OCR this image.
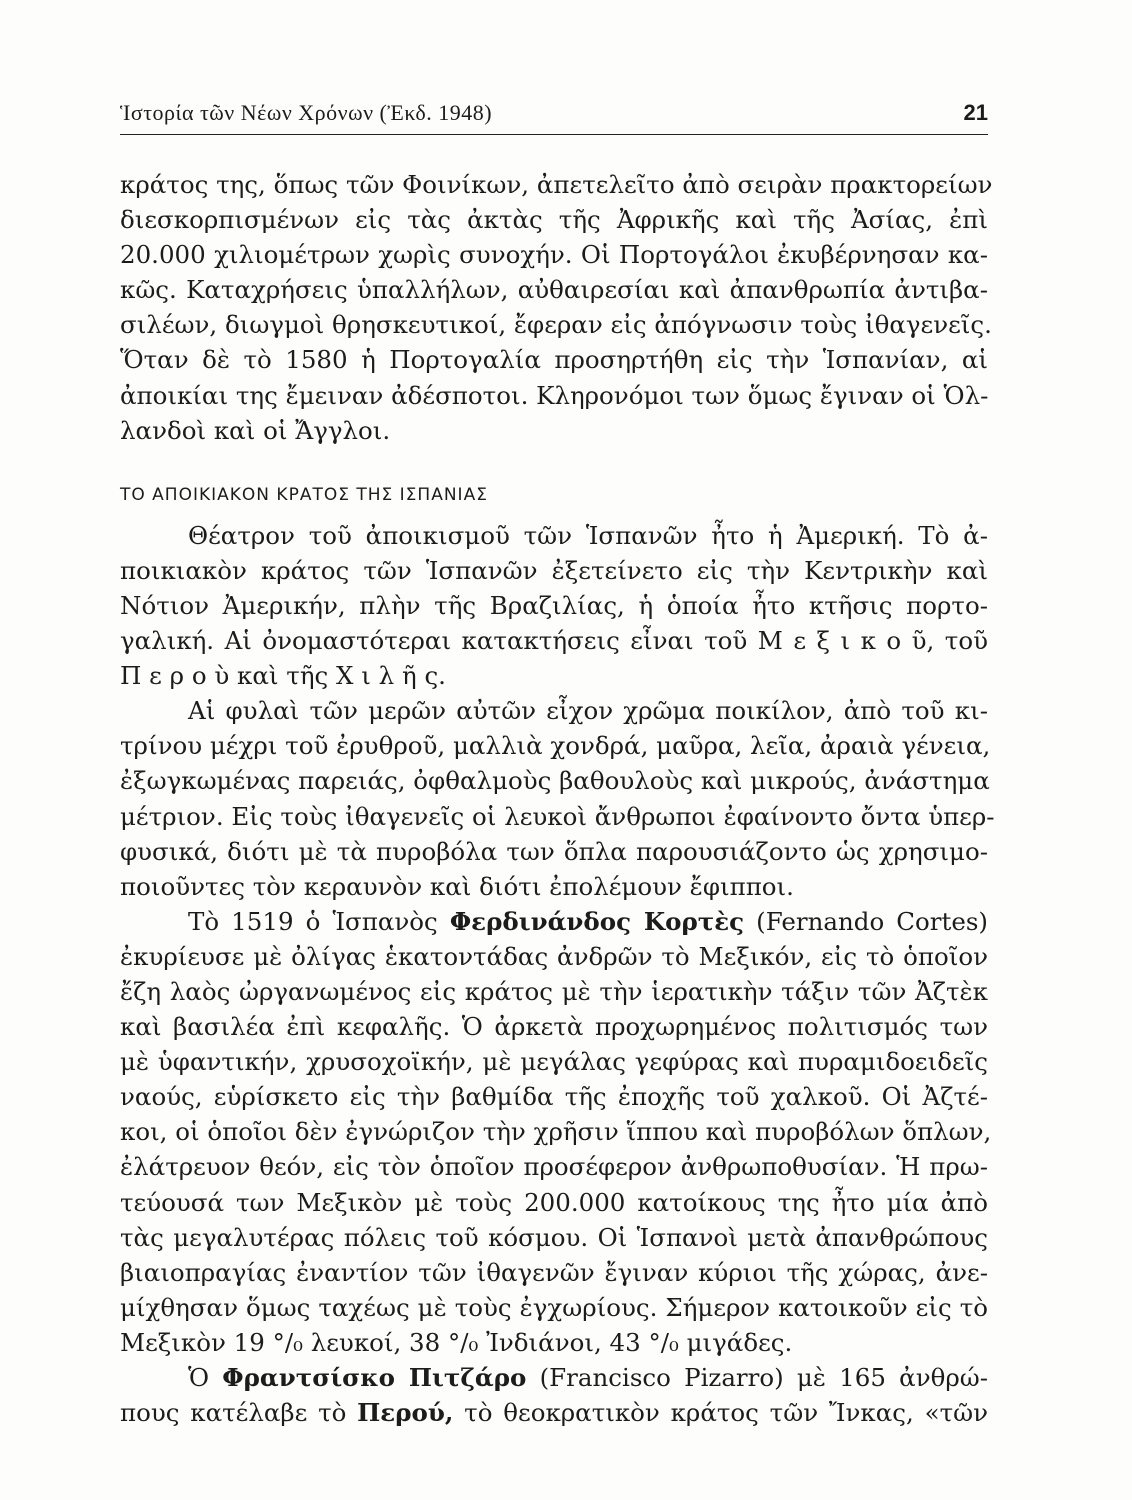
Ἱστορία τῶν Νέων Χρόνων (Ἐκδ. 1948)	21
κράτος της, ὅπως τῶν Φοινίκων, ἀπετελεῖτο ἀπὸ σειρὰν πρακτορείων
διεσκορπισμένων εἰς τὰς ἀκτὰς τῆς Ἀφρικῆς καὶ τῆς Ἀσίας, ἐπὶ
20.000 χιλιομέτρων χωρὶς συνοχήν. Οἱ Πορτογάλοι ἐκυβέρνησαν κα-
κῶς. Καταχρήσεις ὑπαλλήλων, αὐθαιρεσίαι καὶ ἀπανθρωπία ἀντιβα-
σιλέων, διωγμοὶ θρησκευτικοί, ἔφεραν εἰς ἀπόγνωσιν τοὺς ἰθαγενεῖς.
Ὅταν δὲ τὸ 1580 ἡ Πορτογαλία προσηρτήθη εἰς τὴν Ἱσπανίαν, αἱ
ἀποικίαι της ἔμειναν ἀδέσποτοι. Κληρονόμοι των ὅμως ἔγιναν οἱ Ὁλ-
λανδοὶ καὶ οἱ Ἄγγλοι.
ΤΟ ΑΠΟΙΚΙΑΚΟΝ ΚΡΑΤΟΣ ΤΗΣ ΙΣΠΑΝΙΑΣ
Θέατρον τοῦ ἀποικισμοῦ τῶν Ἱσπανῶν ἦτο ἡ Ἀμερική. Τὸ ἀ-
ποικιακὸν κράτος τῶν Ἱσπανῶν ἐξετείνετο εἰς τὴν Κεντρικὴν καὶ
Νότιον Ἀμερικήν, πλὴν τῆς Βραζιλίας, ἡ ὁποία ἦτο κτῆσις πορτο-
γαλική. Αἱ ὀνομαστότεραι κατακτήσεις εἶναι τοῦ Μ ε ξ ι κ ο ῦ, τοῦ
Π ε ρ ο ὺ καὶ τῆς Χ ι λ ῆ ς.
Αἱ φυλαὶ τῶν μερῶν αὐτῶν εἶχον χρῶμα ποικίλον, ἀπὸ τοῦ κι-
τρίνου μέχρι τοῦ ἐρυθροῦ, μαλλιὰ χονδρά, μαῦρα, λεῖα, ἀραιὰ γένεια,
ἐξωγκωμένας παρειάς, ὀφθαλμοὺς βαθουλοὺς καὶ μικρούς, ἀνάστημα
μέτριον. Εἰς τοὺς ἰθαγενεῖς οἱ λευκοὶ ἄνθρωποι ἐφαίνοντο ὄντα ὑπερ-
φυσικά, διότι μὲ τὰ πυροβόλα των ὅπλα παρουσιάζοντο ὡς χρησιμο-
ποιοῦντες τὸν κεραυνὸν καὶ διότι ἐπολέμουν ἔφιπποι.
Τὸ 1519 ὁ Ἱσπανὸς Φερδινάνδος Κορτὲς (Fernando Cortes)
ἐκυρίευσε μὲ ὀλίγας ἑκατοντάδας ἀνδρῶν τὸ Μεξικόν, εἰς τὸ ὁποῖον
ἔζη λαὸς ὠργανωμένος εἰς κράτος μὲ τὴν ἱερατικὴν τάξιν τῶν Ἀζτὲκ
καὶ βασιλέα ἐπὶ κεφαλῆς. Ὁ ἀρκετὰ προχωρημένος πολιτισμός των
μὲ ὑφαντικήν, χρυσοχοϊκήν, μὲ μεγάλας γεφύρας καὶ πυραμιδοειδεῖς
ναούς, εὑρίσκετο εἰς τὴν βαθμίδα τῆς ἐποχῆς τοῦ χαλκοῦ. Οἱ Ἀζτέ-
κοι, οἱ ὁποῖοι δὲν ἐγνώριζον τὴν χρῆσιν ἵππου καὶ πυροβόλων ὅπλων,
ἐλάτρευον θεόν, εἰς τὸν ὁποῖον προσέφερον ἀνθρωποθυσίαν. Ἡ πρω-
τεύουσά των Μεξικὸν μὲ τοὺς 200.000 κατοίκους της ἦτο μία ἀπὸ
τὰς μεγαλυτέρας πόλεις τοῦ κόσμου. Οἱ Ἱσπανοὶ μετὰ ἀπανθρώπους
βιαιοπραγίας ἐναντίον τῶν ἰθαγενῶν ἔγιναν κύριοι τῆς χώρας, ἀνε-
μίχθησαν ὅμως ταχέως μὲ τοὺς ἐγχωρίους. Σήμερον κατοικοῦν εἰς τὸ
Μεξικὸν 19 °/₀ λευκοί, 38 °/₀ Ἰνδιάνοι, 43 °/₀ μιγάδες.
Ὁ Φραντσίσκο Πιτζάρο (Francisco Pizarro) μὲ 165 ἀνθρώ-
πους κατέλαβε τὸ Περού, τὸ θεοκρατικὸν κράτος τῶν Ἴνκας, «τῶν
